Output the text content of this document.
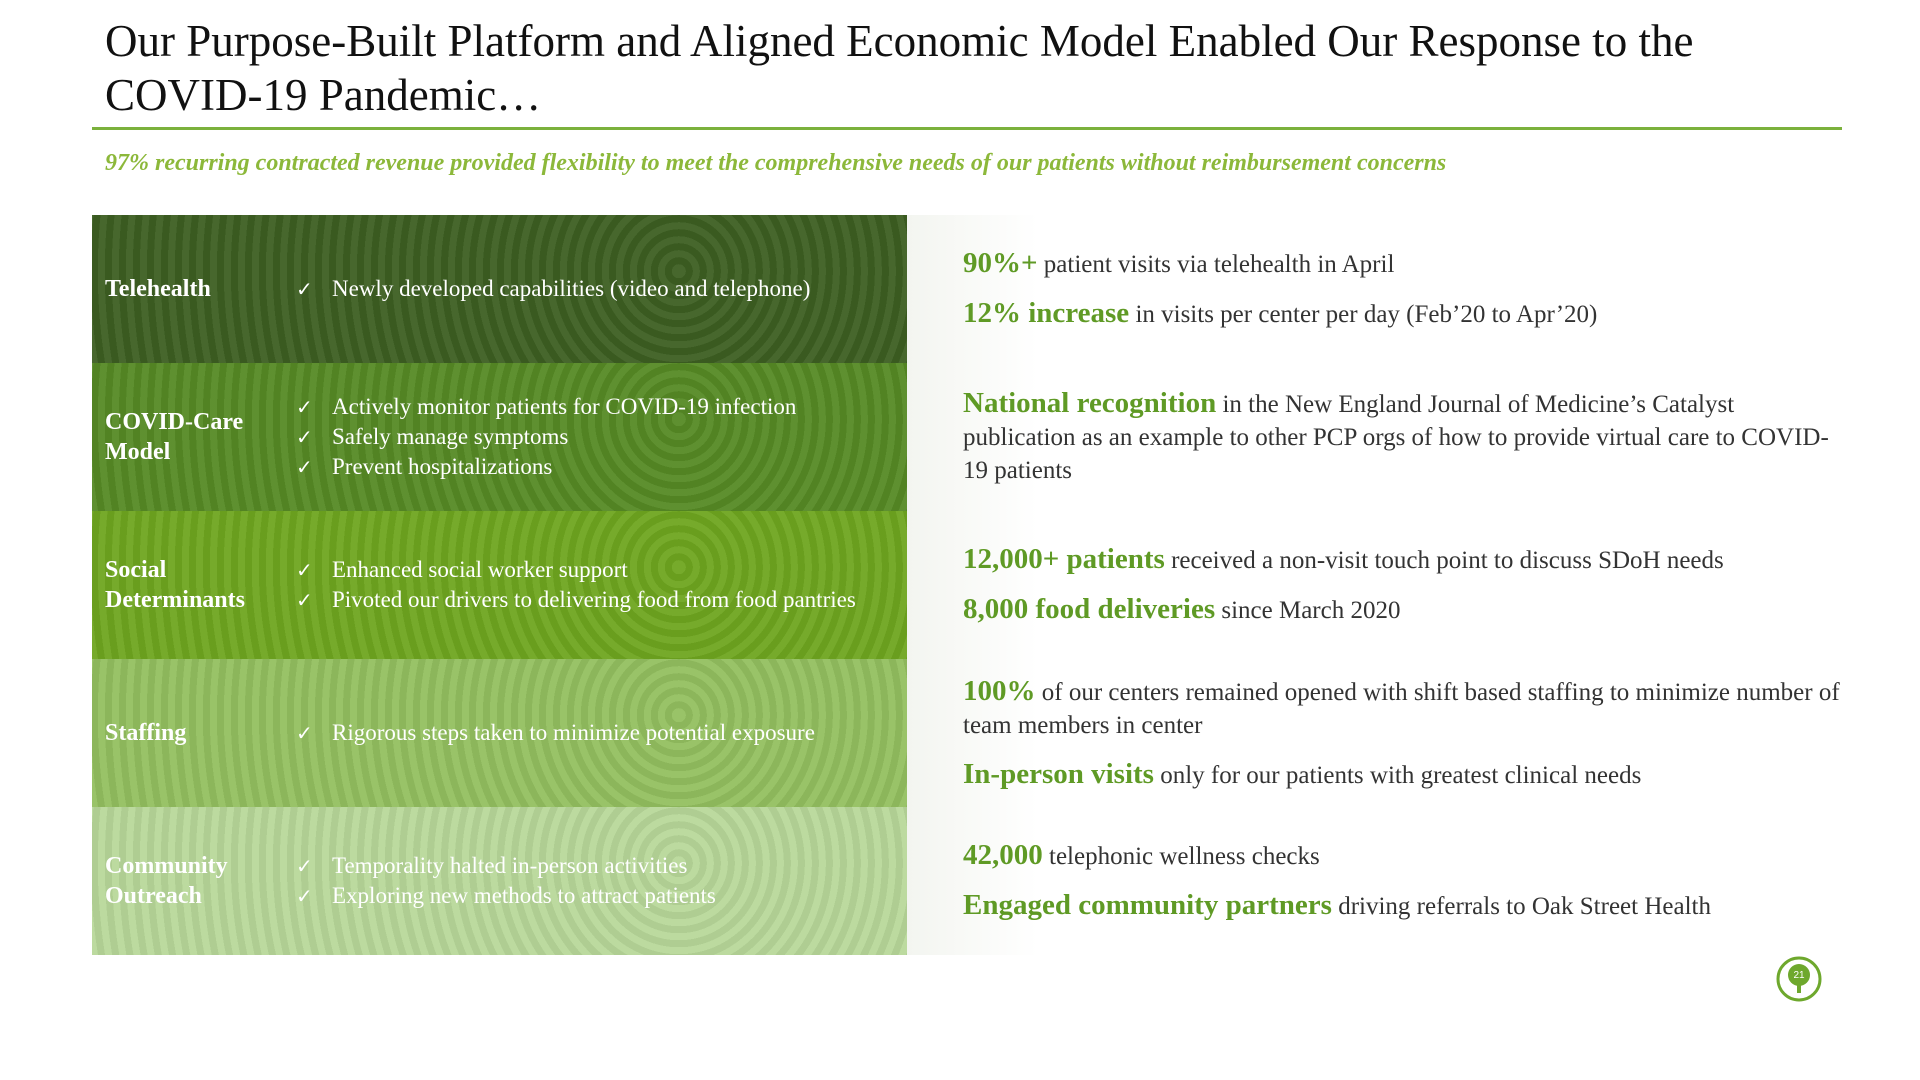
Our Purpose-Built Platform and Aligned Economic Model Enabled Our Response to the COVID-19 Pandemic…
97% recurring contracted revenue provided flexibility to meet the comprehensive needs of our patients without reimbursement concerns
Telehealth	✓ Newly developed capabilities (video and telephone)
COVID-Care Model
✓ Actively monitor patients for COVID-19 infection
✓ Safely manage symptoms
✓ Prevent hospitalizations
Social Determinants
✓ Enhanced social worker support
✓ Pivoted our drivers to delivering food from food pantries
Staffing	✓ Rigorous steps taken to minimize potential exposure
Community Outreach
✓ Temporality halted in-person activities
✓ Exploring new methods to attract patients

90%+ patient visits via telehealth in April

12% increase in visits per center per day (Feb’20 to Apr’20)

National recognition in the New England Journal of Medicine’s Catalyst publication as an example to other PCP orgs of how to provide virtual care to COVID-19 patients

12,000+ patients received a non-visit touch point to discuss SDoH needs

8,000 food deliveries since March 2020

100% of our centers remained opened with shift based staffing to minimize number of team members in center

In-person visits only for our patients with greatest clinical needs

42,000 telephonic wellness checks

Engaged community partners driving referrals to Oak Street Health

21
